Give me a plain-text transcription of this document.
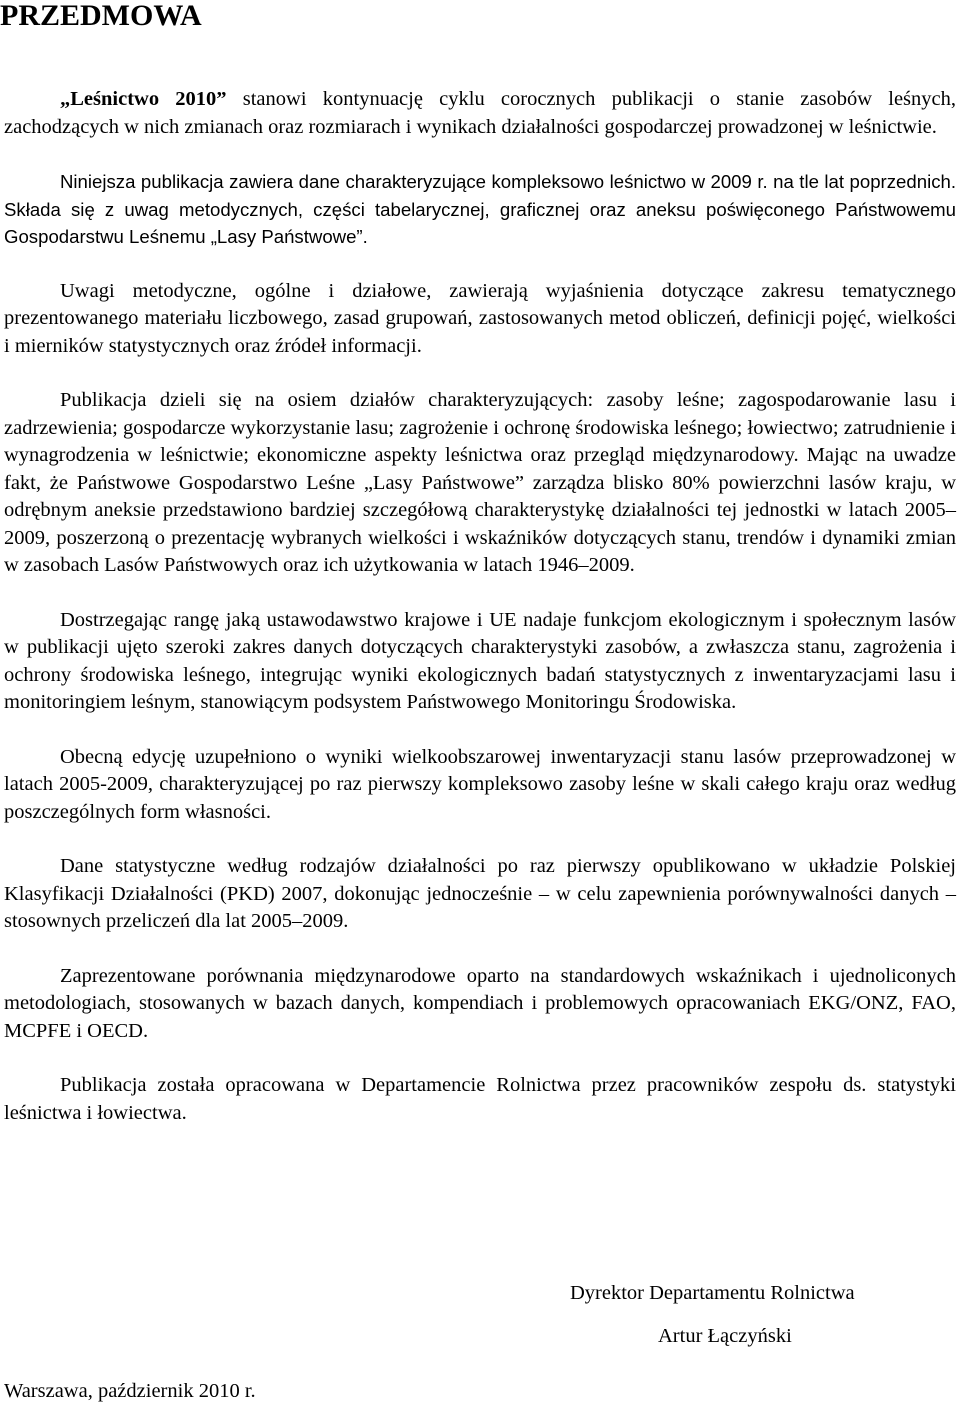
PRZEDMOWA

„Leśnictwo 2010” stanowi kontynuację cyklu corocznych publikacji o stanie zasobów leśnych, zachodzących w nich zmianach oraz rozmiarach i wynikach działalności gospodarczej prowadzonej w leśnictwie.

Niniejsza publikacja zawiera dane charakteryzujące kompleksowo leśnictwo w 2009 r. na tle lat poprzednich. Składa się z uwag metodycznych, części tabelarycznej, graficznej oraz aneksu poświęconego Państwowemu Gospodarstwu Leśnemu „Lasy Państwowe”.

Uwagi metodyczne, ogólne i działowe, zawierają wyjaśnienia dotyczące zakresu tematycznego prezentowanego materiału liczbowego, zasad grupowań, zastosowanych metod obliczeń, definicji pojęć, wielkości i mierników statystycznych oraz źródeł informacji.

Publikacja dzieli się na osiem działów charakteryzujących: zasoby leśne; zagospodarowanie lasu i zadrzewienia; gospodarcze wykorzystanie lasu; zagrożenie i ochronę środowiska leśnego; łowiectwo; zatrudnienie i wynagrodzenia w leśnictwie; ekonomiczne aspekty leśnictwa oraz przegląd międzynarodowy. Mając na uwadze fakt, że Państwowe Gospodarstwo Leśne „Lasy Państwowe” zarządza blisko 80% powierzchni lasów kraju, w odrębnym aneksie przedstawiono bardziej szczegółową charakterystykę działalności tej jednostki w latach 2005–2009, poszerzoną o prezentację wybranych wielkości i wskaźników dotyczących stanu, trendów i dynamiki zmian w zasobach Lasów Państwowych oraz ich użytkowania w latach 1946–2009.

Dostrzegając rangę jaką ustawodawstwo krajowe i UE nadaje funkcjom ekologicznym i społecznym lasów w publikacji ujęto szeroki zakres danych dotyczących charakterystyki zasobów, a zwłaszcza stanu, zagrożenia i ochrony środowiska leśnego, integrując wyniki ekologicznych badań statystycznych z inwentaryzacjami lasu i monitoringiem leśnym, stanowiącym podsystem Państwowego Monitoringu Środowiska.

Obecną edycję uzupełniono o wyniki wielkoobszarowej inwentaryzacji stanu lasów przeprowadzonej w latach 2005-2009, charakteryzującej po raz pierwszy kompleksowo zasoby leśne w skali całego kraju oraz według poszczególnych form własności.

Dane statystyczne według rodzajów działalności po raz pierwszy opublikowano w układzie Polskiej Klasyfikacji Działalności (PKD) 2007, dokonując jednocześnie – w celu zapewnienia porównywalności danych – stosownych przeliczeń dla lat 2005–2009.

Zaprezentowane porównania międzynarodowe oparto na standardowych wskaźnikach i ujednoliconych metodologiach, stosowanych w bazach danych, kompendiach i problemowych opracowaniach EKG/ONZ, FAO, MCPFE i OECD.

Publikacja została opracowana w Departamencie Rolnictwa przez pracowników zespołu ds. statystyki leśnictwa i łowiectwa.

Dyrektor Departamentu Rolnictwa
Artur Łączyński
Warszawa, październik 2010 r.
